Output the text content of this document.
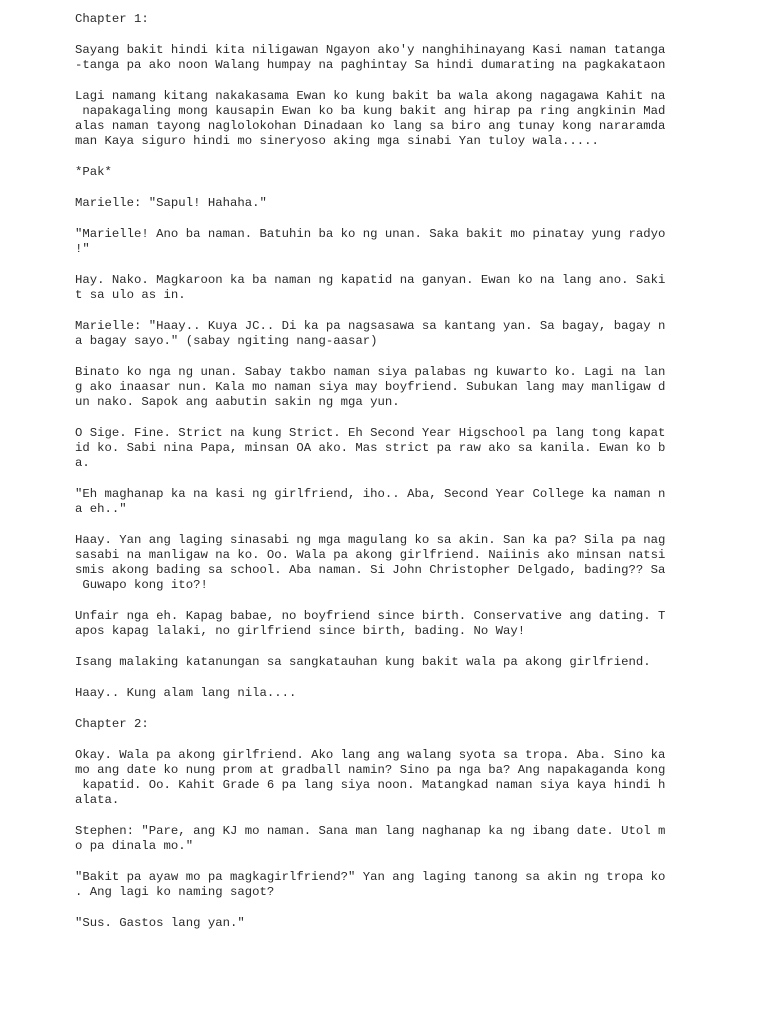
Chapter 1:

Sayang bakit hindi kita niligawan Ngayon ako'y nanghihinayang Kasi naman tatanga
-tanga pa ako noon Walang humpay na paghintay Sa hindi dumarating na pagkakataon

Lagi namang kitang nakakasama Ewan ko kung bakit ba wala akong nagagawa Kahit na
napakagaling mong kausapin Ewan ko ba kung bakit ang hirap pa ring angkinin Mad
alas naman tayong naglolokohan Dinadaan ko lang sa biro ang tunay kong nararamda
man Kaya siguro hindi mo sineryoso aking mga sinabi Yan tuloy wala.....

*Pak*

Marielle: "Sapul! Hahaha."

"Marielle! Ano ba naman. Batuhin ba ko ng unan. Saka bakit mo pinatay yung radyo
!"

Hay. Nako. Magkaroon ka ba naman ng kapatid na ganyan. Ewan ko na lang ano. Saki
t sa ulo as in.

Marielle: "Haay.. Kuya JC.. Di ka pa nagsasawa sa kantang yan. Sa bagay, bagay n
a bagay sayo." (sabay ngiting nang-aasar)

Binato ko nga ng unan. Sabay takbo naman siya palabas ng kuwarto ko. Lagi na lan
g ako inaasar nun. Kala mo naman siya may boyfriend. Subukan lang may manligaw d
un nako. Sapok ang aabutin sakin ng mga yun.

O Sige. Fine. Strict na kung Strict. Eh Second Year Higschool pa lang tong kapat
id ko. Sabi nina Papa, minsan OA ako. Mas strict pa raw ako sa kanila. Ewan ko b
a.

"Eh maghanap ka na kasi ng girlfriend, iho.. Aba, Second Year College ka naman n
a eh.."

Haay. Yan ang laging sinasabi ng mga magulang ko sa akin. San ka pa? Sila pa nag
sasabi na manligaw na ko. Oo. Wala pa akong girlfriend. Naiinis ako minsan natsi
smis akong bading sa school. Aba naman. Si John Christopher Delgado, bading?? Sa
Guwapo kong ito?!

Unfair nga eh. Kapag babae, no boyfriend since birth. Conservative ang dating. T
apos kapag lalaki, no girlfriend since birth, bading. No Way!

Isang malaking katanungan sa sangkatauhan kung bakit wala pa akong girlfriend.

Haay.. Kung alam lang nila....

Chapter 2:

Okay. Wala pa akong girlfriend. Ako lang ang walang syota sa tropa. Aba. Sino ka
mo ang date ko nung prom at gradball namin? Sino pa nga ba? Ang napakaganda kong
kapatid. Oo. Kahit Grade 6 pa lang siya noon. Matangkad naman siya kaya hindi h
alata.

Stephen: "Pare, ang KJ mo naman. Sana man lang naghanap ka ng ibang date. Utol m
o pa dinala mo."

"Bakit pa ayaw mo pa magkagirlfriend?" Yan ang laging tanong sa akin ng tropa ko
. Ang lagi ko naming sagot?

"Sus. Gastos lang yan."
